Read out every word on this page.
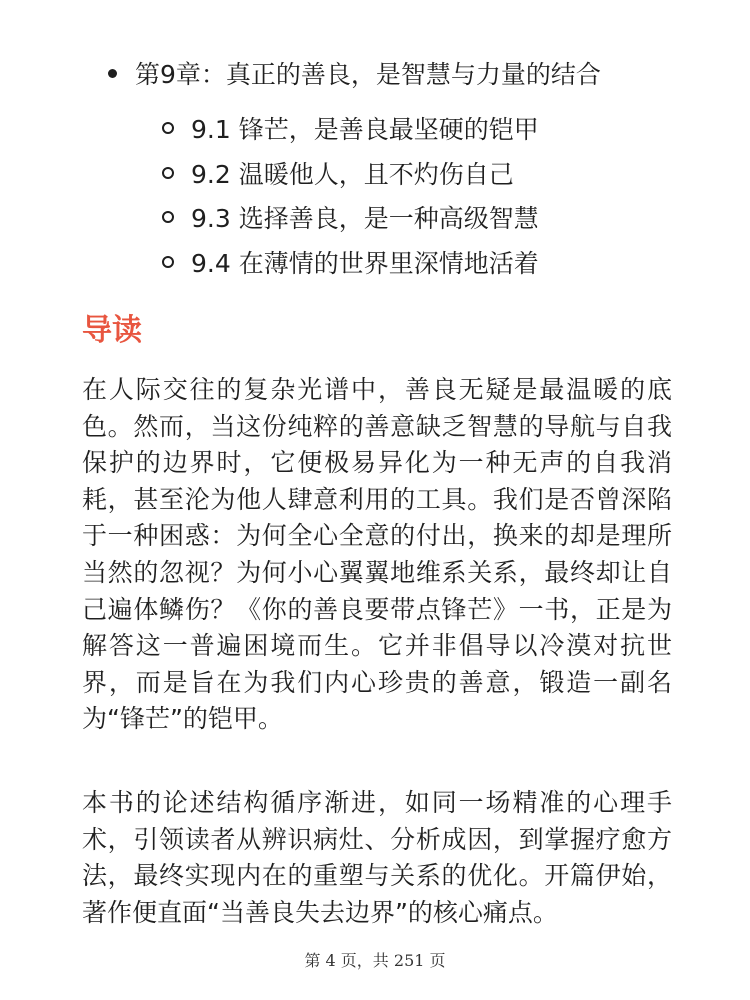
第9章：真正的善良，是智慧与力量的结合
9.1 锋芒，是善良最坚硬的铠甲
9.2 温暖他人，且不灼伤自己
9.3 选择善良，是一种高级智慧
9.4 在薄情的世界里深情地活着
导读

在人际交往的复杂光谱中，善良无疑是最温暖的底色。然而，当这份纯粹的善意缺乏智慧的导航与自我保护的边界时，它便极易异化为一种无声的自我消耗，甚至沦为他人肆意利用的工具。我们是否曾深陷于一种困惑：为何全心全意的付出，换来的却是理所当然的忽视？为何小心翼翼地维系关系，最终却让自己遍体鳞伤？《你的善良要带点锋芒》一书，正是为解答这一普遍困境而生。它并非倡导以冷漠对抗世界，而是旨在为我们内心珍贵的善意，锻造一副名为“锋芒”的铠甲。

本书的论述结构循序渐进，如同一场精准的心理手术，引领读者从辨识病灶、分析成因，到掌握疗愈方法，最终实现内在的重塑与关系的优化。开篇伊始，著作便直面“当善良失去边界”的核心痛点。

第 4 页，共 251 页
